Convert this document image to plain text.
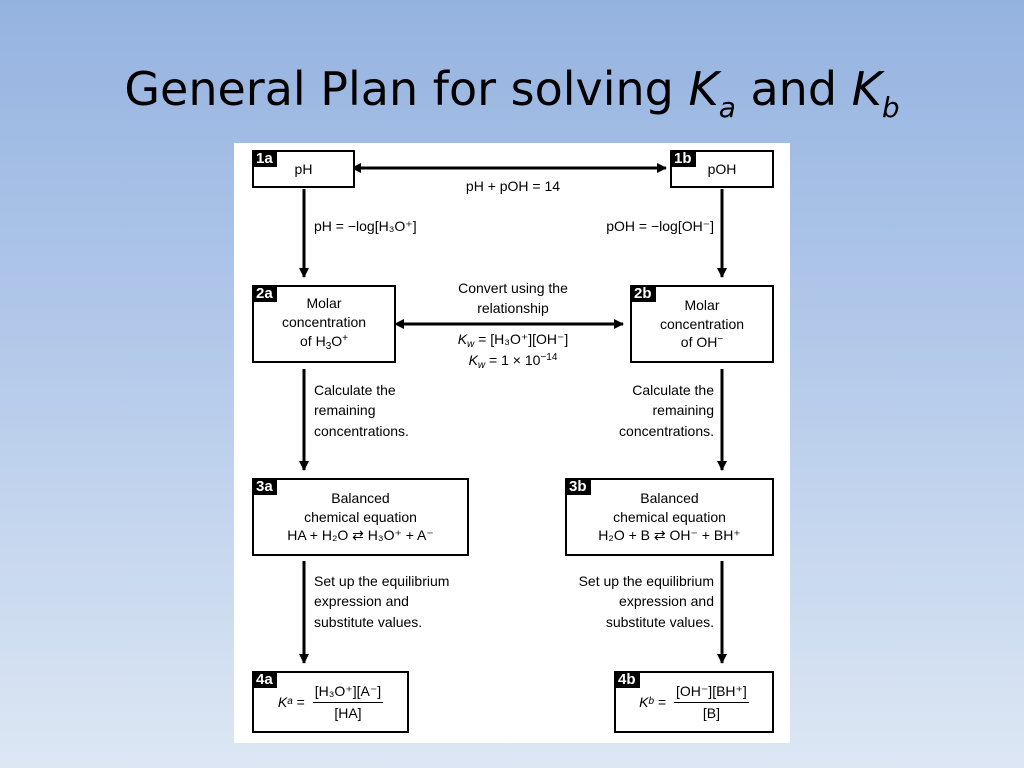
General Plan for solving $K_a$ and $K_b$
1a
pH
1b
pOH
pH + pOH = 14
pH = −log[H₃O⁺]	pOH = −log[OH⁻]
2a
Molar
concentration
of $H_3O^+$
2b
Molar
concentration
of OH−
Convert using the
relationship
$K_w = [H_3O^+][OH^-]$
$K_w = 1 \times 10^{-14}$
Calculate the
remaining
concentrations.
Calculate the
remaining
concentrations.
3a
Balanced
chemical equation
HA + H₂O ⇄ H₃O⁺ + A⁻
3b
Balanced
chemical equation
H₂O + B ⇄ OH⁻ + BH⁺
Set up the equilibrium
expression and
substitute values.
Set up the equilibrium
expression and
substitute values.
4a
K $a = \frac{\text{[H₃O⁺][A⁻]}}{[HA]}$
4b
K $b = \frac{[OH^-][BH^+]}{[B]}$
